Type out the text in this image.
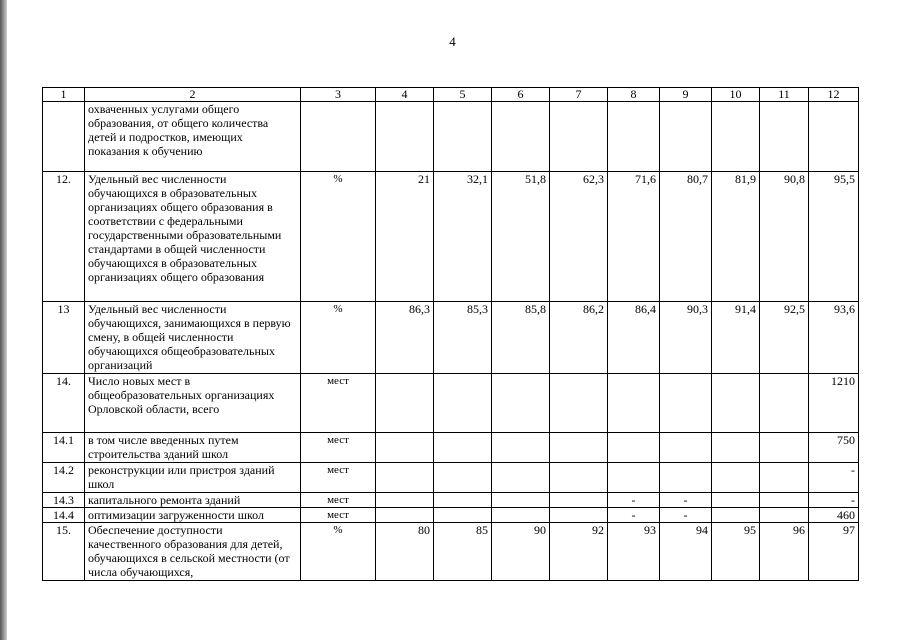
4
1	2	3	4	5	6	7	8	9	10	11	12
	охваченных услугами общего образования, от общего количества детей и подростков, имеющих показания к обучению										
12.	Удельный вес численности обучающихся в образовательных организациях общего образования в соответствии с федеральными государственными образовательными стандартами в общей численности обучающихся в образовательных организациях общего образования	%	21	32,1	51,8	62,3	71,6	80,7	81,9	90,8	95,5
13	Удельный вес численности обучающихся, занимающихся в первую смену, в общей численности обучающихся общеобразовательных организаций	%	86,3	85,3	85,8	86,2	86,4	90,3	91,4	92,5	93,6
14.	Число новых мест в общеобразовательных организациях Орловской области, всего	мест									1210
14.1	в том числе введенных путем строительства зданий школ	мест									750
14.2	реконструкции или пристроя зданий школ	мест									-
14.3	капитального ремонта зданий	мест					-	-			-
14.4	оптимизации загруженности школ	мест					-	-			460
15.	Обеспечение доступности качественного образования для детей, обучающихся в сельской местности (от числа обучающихся,	%	80	85	90	92	93	94	95	96	97
